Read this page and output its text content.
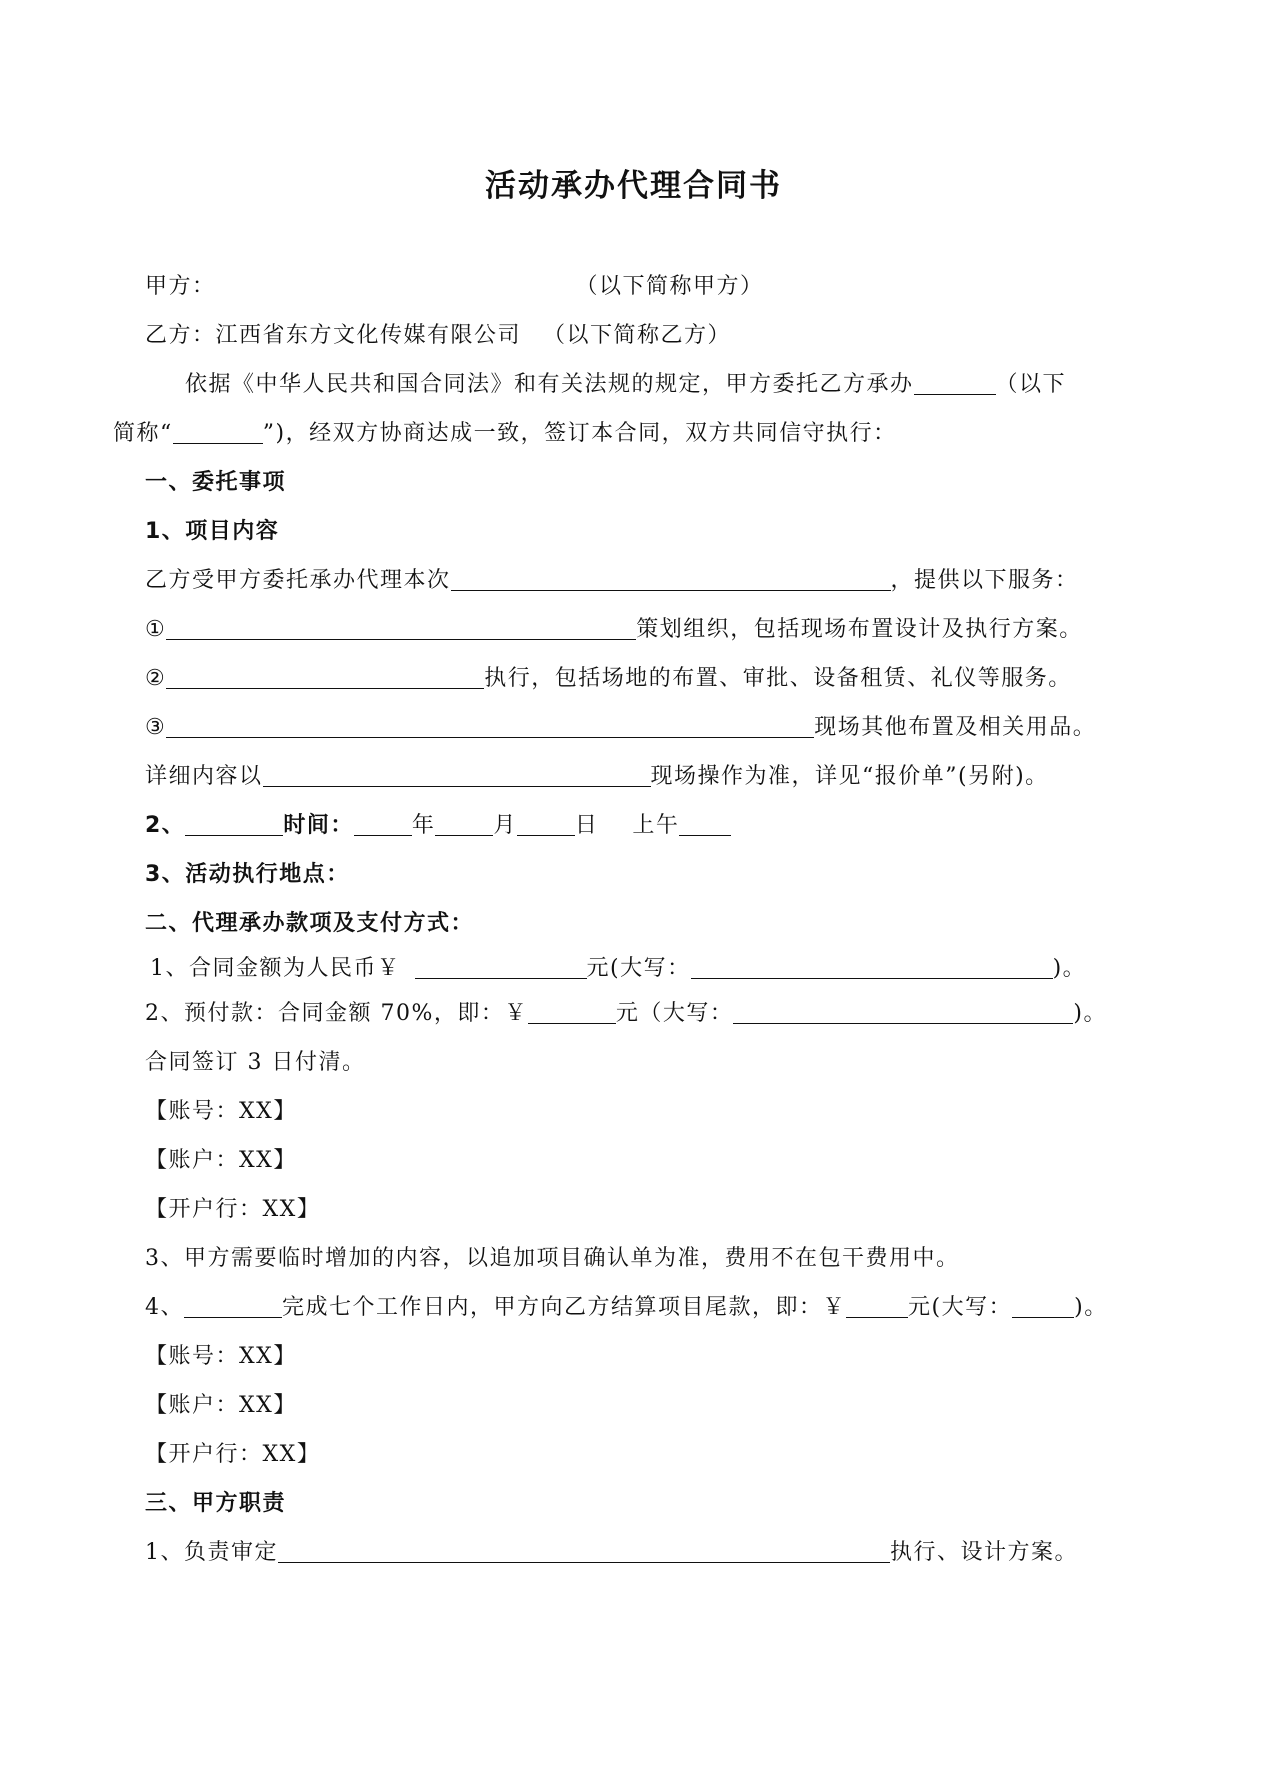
活动承办代理合同书
甲方：	（以下简称甲方）
乙方：江西省东方文化传媒有限公司 （以下简称乙方）
依据《中华人民共和国合同法》和有关法规的规定，甲方委托乙方承办	（以下
简称“	”)，经双方协商达成一致，签订本合同，双方共同信守执行：
一、委托事项
1、项目内容
乙方受甲方委托承办代理本次	，提供以下服务：
①	策划组织，包括现场布置设计及执行方案。
②	执行，包括场地的布置、审批、设备租赁、礼仪等服务。
③	现场其他布置及相关用品。
详细内容以	现场操作为准，详见“报价单”(另附)。
2、	时间：	年	月	日 上午
3、活动执行地点：
二、代理承办款项及支付方式：
1、合同金额为人民币￥	元(大写：	)。
2、预付款：合同金额 70%，即：￥	元（大写：	)。
合同签订 3 日付清。
【账号：XX】
【账户：XX】
【开户行：XX】
3、甲方需要临时增加的内容，以追加项目确认单为准，费用不在包干费用中。
4、	完成七个工作日内，甲方向乙方结算项目尾款，即：￥	元(大写：	)。
【账号：XX】
【账户：XX】
【开户行：XX】
三、甲方职责
1、负责审定	执行、设计方案。
